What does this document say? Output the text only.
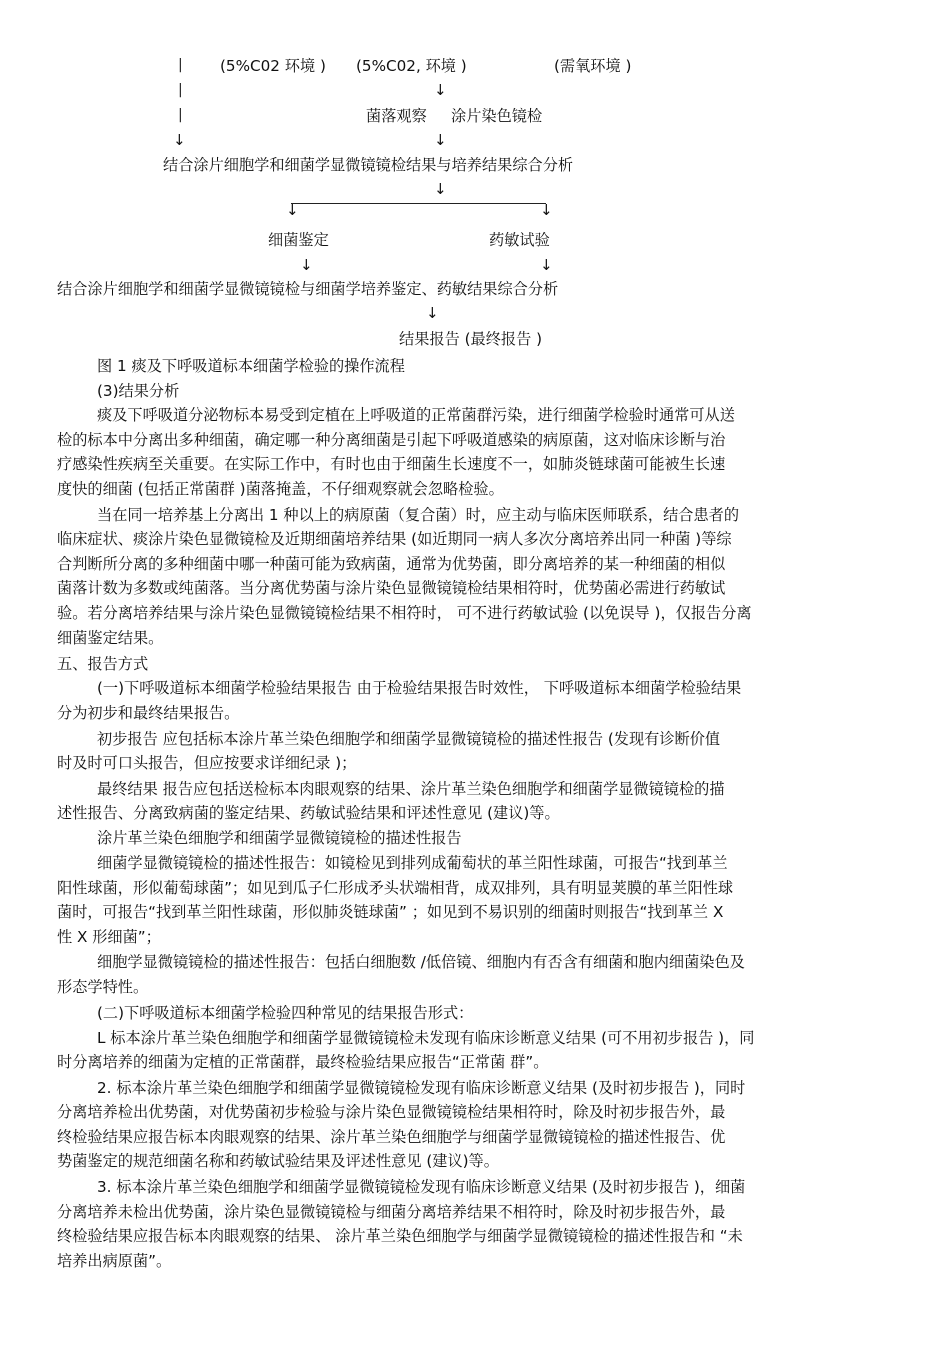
|
|
|
↓
(5%C02 环境 ) (5%C02, 环境 )	(需氧环境 )
↓
菌落观察 涂片染色镜检
↓
结合涂片细胞学和细菌学显微镜镜检结果与培养结果综合分析
↓
↓	↓
细菌鉴定	药敏试验
↓	↓
结合涂片细胞学和细菌学显微镜镜检与细菌学培养鉴定、药敏结果综合分析
↓
结果报告 (最终报告 )
图 1 痰及下呼吸道标本细菌学检验的操作流程
(3)结果分析
痰及下呼吸道分泌物标本易受到定植在上呼吸道的正常菌群污染，进行细菌学检验时通常可从送
检的标本中分离出多种细菌，确定哪一种分离细菌是引起下呼吸道感染的病原菌，这对临床诊断与治
疗感染性疾病至关重要。在实际工作中，有时也由于细菌生长速度不一，如肺炎链球菌可能被生长速
度快的细菌 (包括正常菌群 )菌落掩盖，不仔细观察就会忽略检验。
当在同一培养基上分离出 1 种以上的病原菌（复合菌）时，应主动与临床医师联系，结合患者的
临床症状、痰涂片染色显微镜检及近期细菌培养结果 (如近期同一病人多次分离培养出同一种菌 )等综
合判断所分离的多种细菌中哪一种菌可能为致病菌，通常为优势菌，即分离培养的某一种细菌的相似
菌落计数为多数或纯菌落。当分离优势菌与涂片染色显微镜镜检结果相符时，优势菌必需进行药敏试
验。若分离培养结果与涂片染色显微镜镜检结果不相符时， 可不进行药敏试验 (以免误导 )，仅报告分离
细菌鉴定结果。
五、报告方式
(一)下呼吸道标本细菌学检验结果报告 由于检验结果报告时效性， 下呼吸道标本细菌学检验结果
分为初步和最终结果报告。
初步报告 应包括标本涂片革兰染色细胞学和细菌学显微镜镜检的描述性报告 (发现有诊断价值
时及时可口头报告，但应按要求详细纪录 )；
最终结果 报告应包括送检标本肉眼观察的结果、涂片革兰染色细胞学和细菌学显微镜镜检的描
述性报告、分离致病菌的鉴定结果、药敏试验结果和评述性意见 (建议)等。
涂片革兰染色细胞学和细菌学显微镜镜检的描述性报告
细菌学显微镜镜检的描述性报告：如镜检见到排列成葡萄状的革兰阳性球菌，可报告“找到革兰
阳性球菌，形似葡萄球菌”；如见到瓜子仁形成矛头状端相背，成双排列，具有明显荚膜的革兰阳性球
菌时，可报告“找到革兰阳性球菌，形似肺炎链球菌” ；如见到不易识别的细菌时则报告“找到革兰 X
性 X 形细菌”；
细胞学显微镜镜检的描述性报告：包括白细胞数 /低倍镜、细胞内有否含有细菌和胞内细菌染色及
形态学特性。
(二)下呼吸道标本细菌学检验四种常见的结果报告形式：
L 标本涂片革兰染色细胞学和细菌学显微镜镜检未发现有临床诊断意义结果 (可不用初步报告 )，同
时分离培养的细菌为定植的正常菌群，最终检验结果应报告“正常菌 群”。
2. 标本涂片革兰染色细胞学和细菌学显微镜镜检发现有临床诊断意义结果 (及时初步报告 )，同时
分离培养检出优势菌，对优势菌初步检验与涂片染色显微镜镜检结果相符时，除及时初步报告外，最
终检验结果应报告标本肉眼观察的结果、涂片革兰染色细胞学与细菌学显微镜镜检的描述性报告、优
势菌鉴定的规范细菌名称和药敏试验结果及评述性意见 (建议)等。
3. 标本涂片革兰染色细胞学和细菌学显微镜镜检发现有临床诊断意义结果 (及时初步报告 )，细菌
分离培养未检出优势菌，涂片染色显微镜镜检与细菌分离培养结果不相符时，除及时初步报告外，最
终检验结果应报告标本肉眼观察的结果、 涂片革兰染色细胞学与细菌学显微镜镜检的描述性报告和 “未
培养出病原菌”。
